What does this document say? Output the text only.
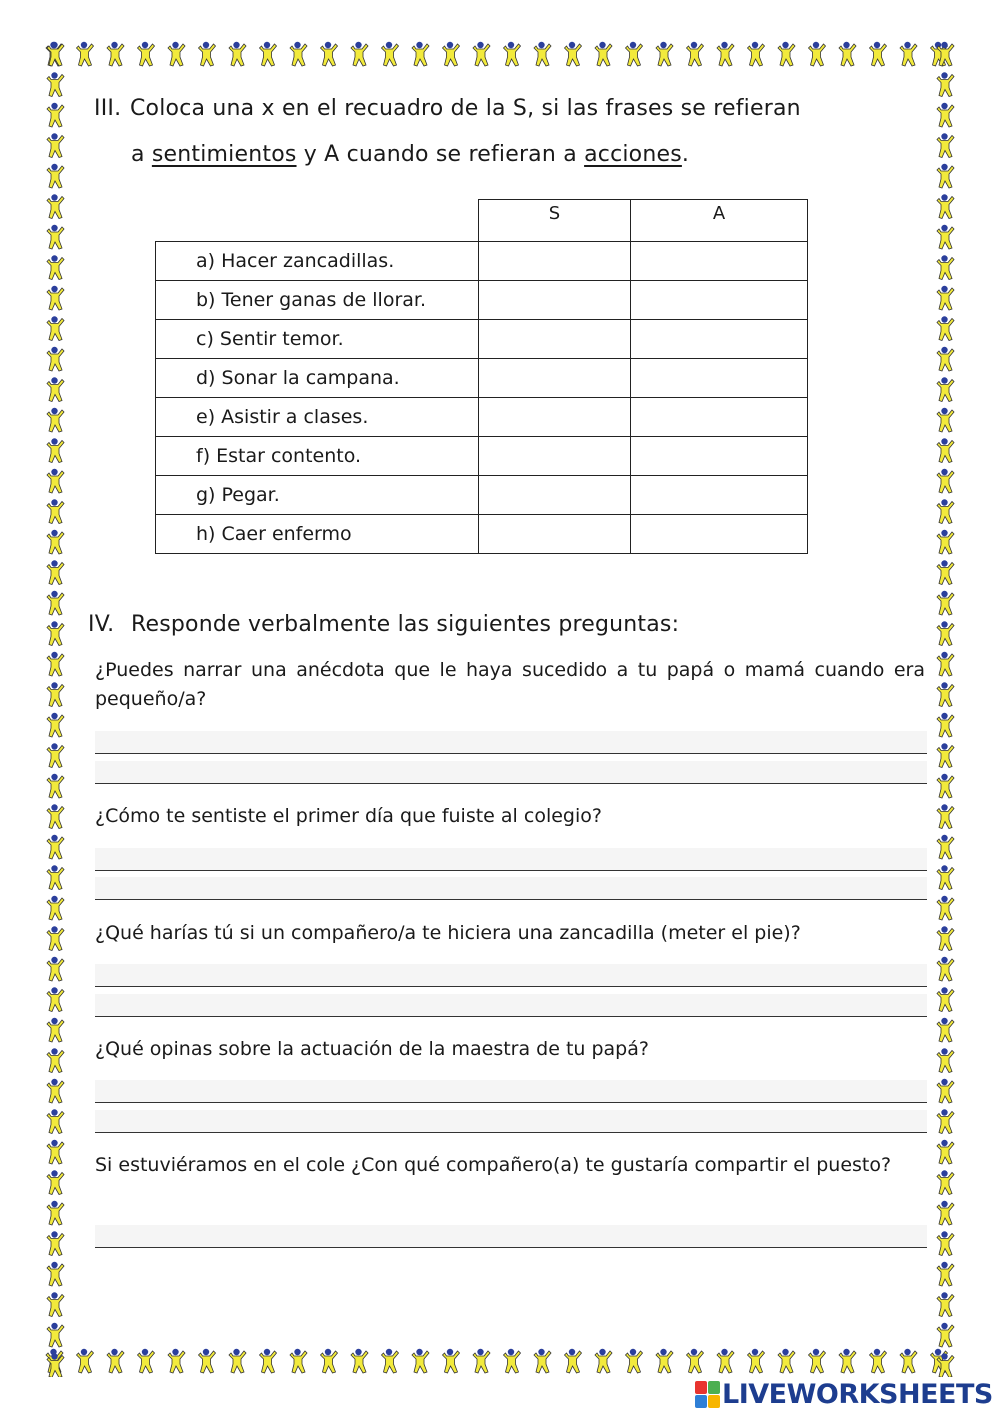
III. Coloca una x en el recuadro de la S, si las frases se refieran
a sentimientos y A cuando se refieran a acciones.
	S	A
a) Hacer zancadillas.		
b) Tener ganas de llorar.		
c) Sentir temor.		
d) Sonar la campana.		
e) Asistir a clases.		
f) Estar contento.		
g) Pegar.		
h) Caer enfermo		
IV. Responde verbalmente las siguientes preguntas:
¿Puedes narrar una anécdota que le haya sucedido a tu papá o mamá cuando era pequeño/a?
¿Cómo te sentiste el primer día que fuiste al colegio?
¿Qué harías tú si un compañero/a te hiciera una zancadilla (meter el pie)?
¿Qué opinas sobre la actuación de la maestra de tu papá?
Si estuviéramos en el cole ¿Con qué compañero(a) te gustaría compartir el puesto?
LIVEWORKSHEETS
